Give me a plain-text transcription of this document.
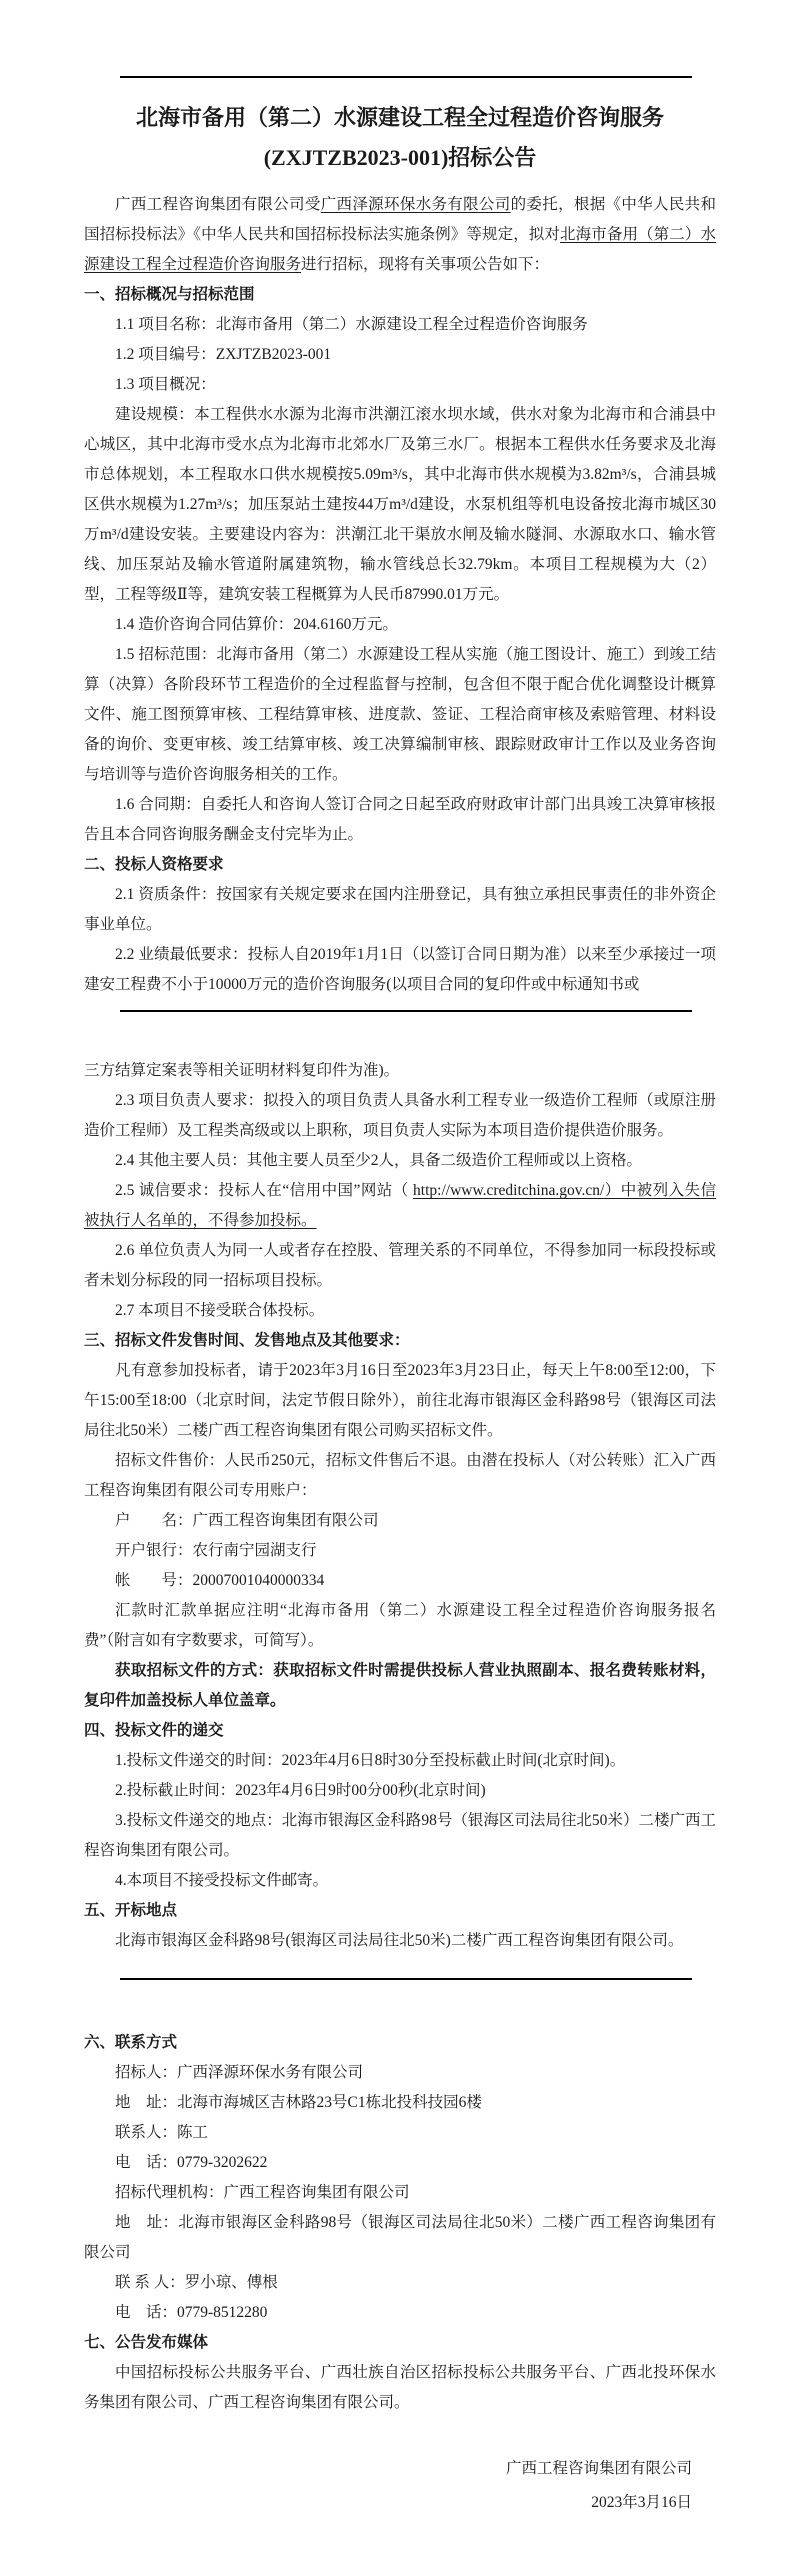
北海市备用（第二）水源建设工程全过程造价咨询服务
(ZXJTZB2023-001)招标公告

广西工程咨询集团有限公司受广西泽源环保水务有限公司的委托，根据《中华人民共和国招标投标法》《中华人民共和国招标投标法实施条例》等规定，拟对北海市备用（第二）水源建设工程全过程造价咨询服务进行招标，现将有关事项公告如下：

一、招标概况与招标范围

1.1 项目名称：北海市备用（第二）水源建设工程全过程造价咨询服务

1.2 项目编号：ZXJTZB2023-001

1.3 项目概况：

建设规模：本工程供水水源为北海市洪潮江滚水坝水域，供水对象为北海市和合浦县中心城区，其中北海市受水点为北海市北郊水厂及第三水厂。根据本工程供水任务要求及北海市总体规划，本工程取水口供水规模按5.09m³/s，其中北海市供水规模为3.82m³/s，合浦县城区供水规模为1.27m³/s；加压泵站土建按44万m³/d建设，水泵机组等机电设备按北海市城区30万m³/d建设安装。主要建设内容为：洪潮江北干渠放水闸及输水隧洞、水源取水口、输水管线、加压泵站及输水管道附属建筑物，输水管线总长32.79km。本项目工程规模为大（2）型，工程等级Ⅱ等，建筑安装工程概算为人民币87990.01万元。

1.4 造价咨询合同估算价：204.6160万元。

1.5 招标范围：北海市备用（第二）水源建设工程从实施（施工图设计、施工）到竣工结算（决算）各阶段环节工程造价的全过程监督与控制，包含但不限于配合优化调整设计概算文件、施工图预算审核、工程结算审核、进度款、签证、工程洽商审核及索赔管理、材料设备的询价、变更审核、竣工结算审核、竣工决算编制审核、跟踪财政审计工作以及业务咨询与培训等与造价咨询服务相关的工作。

1.6 合同期：自委托人和咨询人签订合同之日起至政府财政审计部门出具竣工决算审核报告且本合同咨询服务酬金支付完毕为止。

二、投标人资格要求

2.1 资质条件：按国家有关规定要求在国内注册登记，具有独立承担民事责任的非外资企事业单位。

2.2 业绩最低要求：投标人自2019年1月1日（以签订合同日期为准）以来至少承接过一项建安工程费不小于10000万元的造价咨询服务(以项目合同的复印件或中标通知书或

三方结算定案表等相关证明材料复印件为准)。

2.3 项目负责人要求：拟投入的项目负责人具备水利工程专业一级造价工程师（或原注册造价工程师）及工程类高级或以上职称，项目负责人实际为本项目造价提供造价服务。

2.4 其他主要人员：其他主要人员至少2人，具备二级造价工程师或以上资格。

2.5 诚信要求：投标人在“信用中国”网站（ http://www.creditchina.gov.cn/）中被列入失信被执行人名单的，不得参加投标。

2.6 单位负责人为同一人或者存在控股、管理关系的不同单位，不得参加同一标段投标或者未划分标段的同一招标项目投标。

2.7 本项目不接受联合体投标。

三、招标文件发售时间、发售地点及其他要求：

凡有意参加投标者，请于2023年3月16日至2023年3月23日止，每天上午8:00至12:00，下午15:00至18:00（北京时间，法定节假日除外），前往北海市银海区金科路98号（银海区司法局往北50米）二楼广西工程咨询集团有限公司购买招标文件。

招标文件售价：人民币250元，招标文件售后不退。由潜在投标人（对公转账）汇入广西工程咨询集团有限公司专用账户：

户　　名：广西工程咨询集团有限公司

开户银行：农行南宁园湖支行

帐　　号：20007001040000334

汇款时汇款单据应注明“北海市备用（第二）水源建设工程全过程造价咨询服务报名费”（附言如有字数要求，可简写）。

获取招标文件的方式：获取招标文件时需提供投标人营业执照副本、报名费转账材料，复印件加盖投标人单位盖章。

四、投标文件的递交

1.投标文件递交的时间：2023年4月6日8时30分至投标截止时间(北京时间)。

2.投标截止时间：2023年4月6日9时00分00秒(北京时间)

3.投标文件递交的地点：北海市银海区金科路98号（银海区司法局往北50米）二楼广西工程咨询集团有限公司。

4.本项目不接受投标文件邮寄。

五、开标地点

北海市银海区金科路98号(银海区司法局往北50米)二楼广西工程咨询集团有限公司。

六、联系方式

招标人：广西泽源环保水务有限公司

地　址：北海市海城区吉林路23号C1栋北投科技园6楼

联系人：陈工

电　话：0779-3202622

招标代理机构：广西工程咨询集团有限公司

地　址：北海市银海区金科路98号（银海区司法局往北50米）二楼广西工程咨询集团有限公司

联 系 人：罗小琼、傅根

电　话：0779-8512280

七、公告发布媒体

中国招标投标公共服务平台、广西壮族自治区招标投标公共服务平台、广西北投环保水务集团有限公司、广西工程咨询集团有限公司。

广西工程咨询集团有限公司

2023年3月16日
